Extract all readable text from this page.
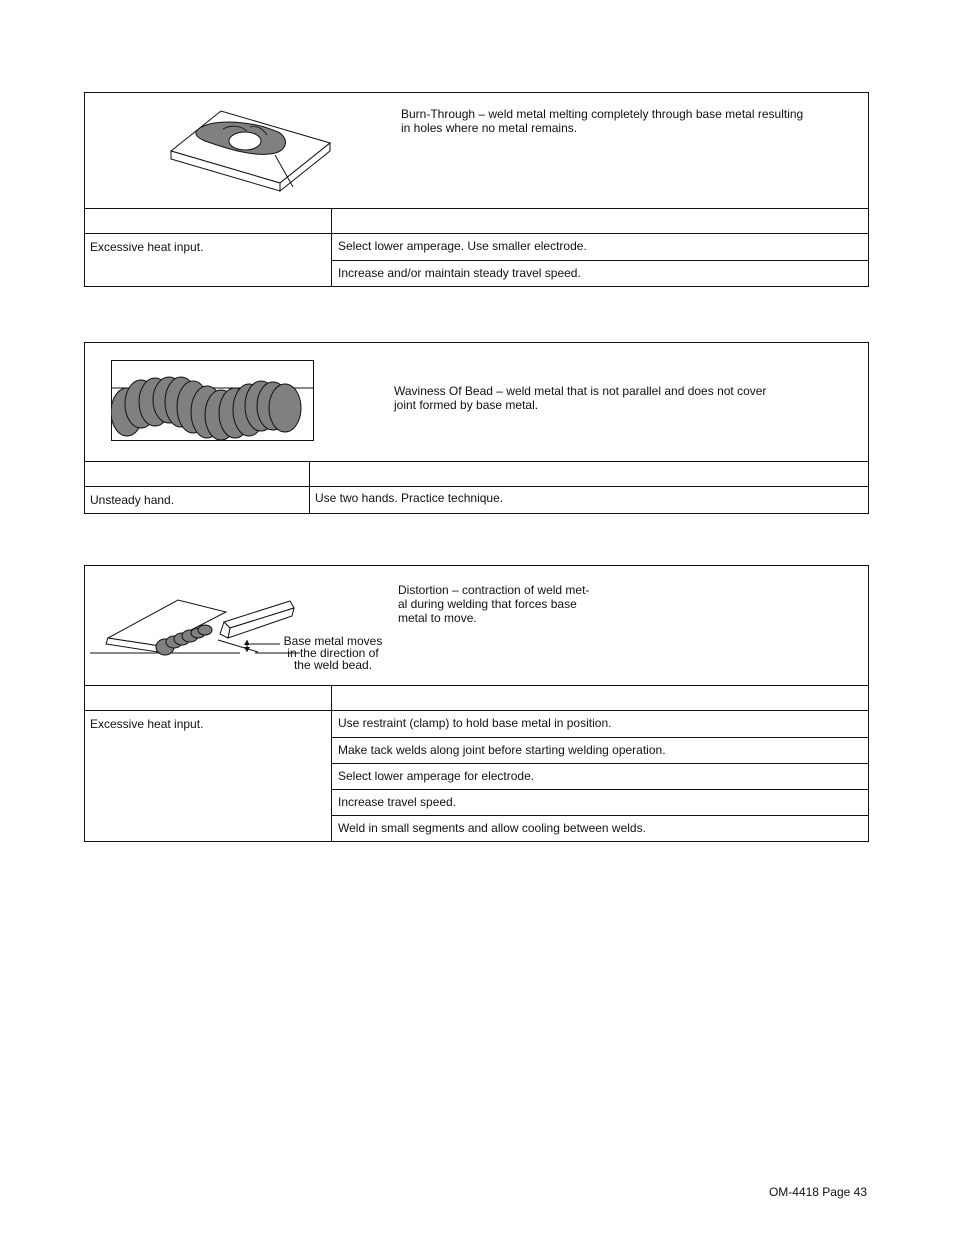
Burn-Through – weld metal melting completely through base metal resulting
in holes where no metal remains.
Excessive heat input.	Select lower amperage. Use smaller electrode.
Increase and/or maintain steady travel speed.
Waviness Of Bead – weld metal that is not parallel and does not cover
joint formed by base metal.
Unsteady hand.	Use two hands. Practice technique.
Base metal moves
in the direction of
the weld bead.
Distortion – contraction of weld met-
al during welding that forces base
metal to move.
Excessive heat input.	Use restraint (clamp) to hold base metal in position.
Make tack welds along joint before starting welding operation.
Select lower amperage for electrode.
Increase travel speed.
Weld in small segments and allow cooling between welds.
OM-4418 Page 43
